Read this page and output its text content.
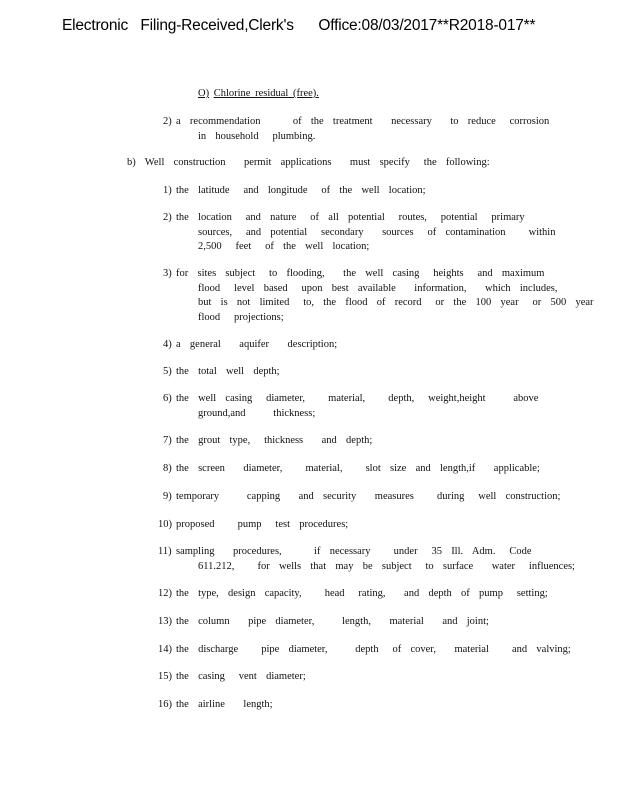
Electronic   Filing-Received,Clerk's      Office:08/03/2017**R2018-017**
O) Chlorine residual (free).
2) a  recommendation       of  the  treatment    necessary    to  reduce   corrosion
in  household   plumbing.
b)  Well  construction    permit  applications    must  specify   the  following:
1) the  latitude   and  longitude   of  the  well  location;
2) the  location   and  nature   of  all  potential   routes,   potential   primary
sources,   and  potential   secondary    sources   of  contamination     within
2,500   feet   of  the  well  location;
3) for  sites  subject   to  flooding,    the  well  casing   heights   and  maximum
flood   level  based   upon  best  available    information,    which  includes,
but  is  not  limited   to,  the  flood  of  record   or  the  100  year   or  500  year
flood   projections;
4) a  general    aquifer    description;
5) the  total  well  depth;
6) the  well  casing   diameter,     material,     depth,   weight,height      above
ground,and      thickness;
7) the  grout  type,   thickness    and  depth;
8) the  screen    diameter,     material,     slot  size  and  length,if    applicable;
9) temporary      capping    and  security    measures     during   well  construction;
10) proposed     pump   test  procedures;
11) sampling    procedures,       if  necessary     under   35  Ill.  Adm.   Code
611.212,     for  wells  that  may  be  subject   to  surface    water   influences;
12) the  type,  design  capacity,     head   rating,    and  depth  of  pump   setting;
13) the  column    pipe  diameter,      length,    material    and  joint;
14) the  discharge     pipe  diameter,      depth   of  cover,    material     and  valving;
15) the  casing   vent  diameter;
16) the  airline    length;
